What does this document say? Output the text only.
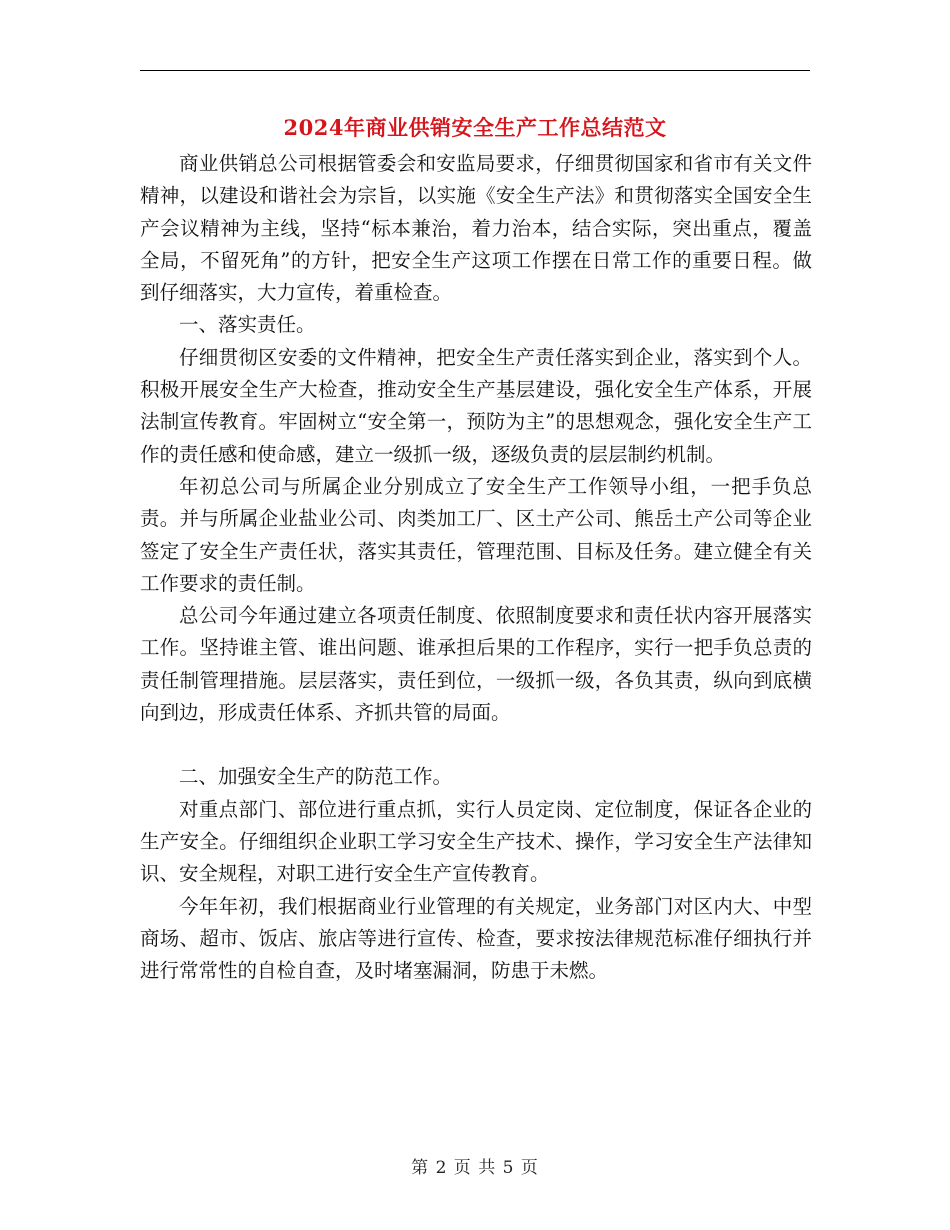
2024年商业供销安全生产工作总结范文

商业供销总公司根据管委会和安监局要求，仔细贯彻国家和省市有关文件精神，以建设和谐社会为宗旨，以实施《安全生产法》和贯彻落实全国安全生产会议精神为主线，坚持“标本兼治，着力治本，结合实际，突出重点，覆盖全局，不留死角”的方针，把安全生产这项工作摆在日常工作的重要日程。做到仔细落实，大力宣传，着重检查。

一、落实责任。

仔细贯彻区安委的文件精神，把安全生产责任落实到企业，落实到个人。积极开展安全生产大检查，推动安全生产基层建设，强化安全生产体系，开展法制宣传教育。牢固树立“安全第一，预防为主”的思想观念，强化安全生产工作的责任感和使命感，建立一级抓一级，逐级负责的层层制约机制。

年初总公司与所属企业分别成立了安全生产工作领导小组，一把手负总责。并与所属企业盐业公司、肉类加工厂、区土产公司、熊岳土产公司等企业签定了安全生产责任状，落实其责任，管理范围、目标及任务。建立健全有关工作要求的责任制。

总公司今年通过建立各项责任制度、依照制度要求和责任状内容开展落实工作。坚持谁主管、谁出问题、谁承担后果的工作程序，实行一把手负总责的责任制管理措施。层层落实，责任到位，一级抓一级，各负其责，纵向到底横向到边，形成责任体系、齐抓共管的局面。

二、加强安全生产的防范工作。

对重点部门、部位进行重点抓，实行人员定岗、定位制度，保证各企业的生产安全。仔细组织企业职工学习安全生产技术、操作，学习安全生产法律知识、安全规程，对职工进行安全生产宣传教育。

今年年初，我们根据商业行业管理的有关规定，业务部门对区内大、中型商场、超市、饭店、旅店等进行宣传、检查，要求按法律规范标准仔细执行并进行常常性的自检自查，及时堵塞漏洞，防患于未燃。

第 2 页 共 5 页
